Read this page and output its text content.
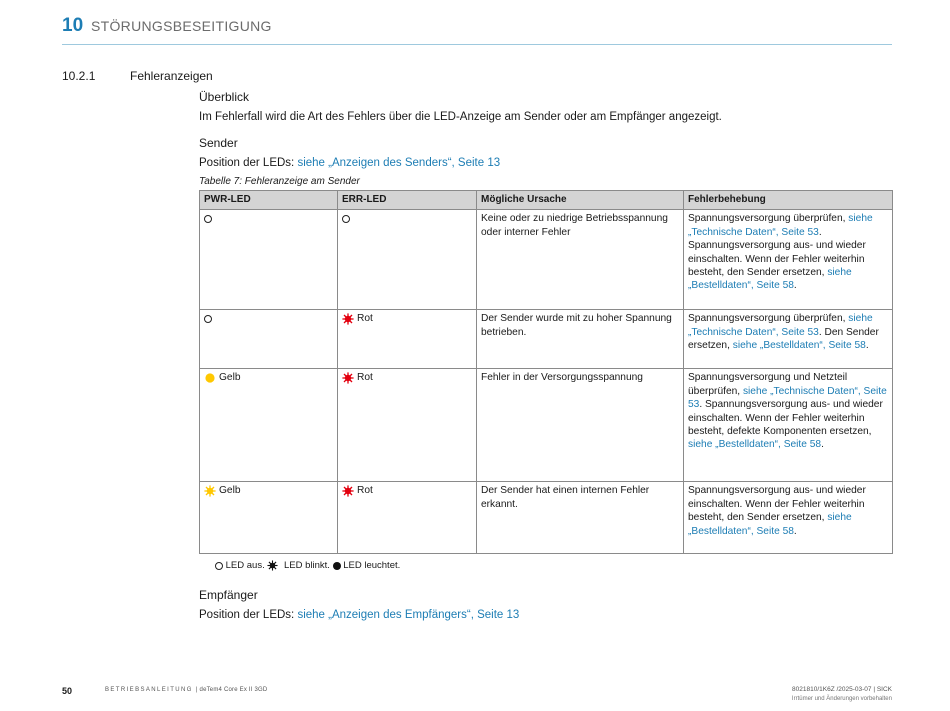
10 STÖRUNGSBESEITIGUNG
10.2.1	Fehleranzeigen

Überblick

Im Fehlerfall wird die Art des Fehlers über die LED-Anzeige am Sender oder am Empfänger angezeigt.

Sender

Position der LEDs: siehe „Anzeigen des Senders“, Seite 13

Tabelle 7: Fehleranzeige am Sender

PWR-LED	ERR-LED	Mögliche Ursache	Fehlerbehebung
		Keine oder zu niedrige Betriebsspannung oder interner Fehler	Spannungsversorgung überprüfen, siehe „Technische Daten“, Seite 53. Spannungsversorgung aus- und wieder einschalten. Wenn der Fehler weiterhin besteht, den Sender ersetzen, siehe „Bestelldaten“, Seite 58.
	Rot	Der Sender wurde mit zu hoher Spannung betrieben.	Spannungsversorgung überprüfen, siehe „Technische Daten“, Seite 53. Den Sender ersetzen, siehe „Bestelldaten“, Seite 58.
Gelb	Rot	Fehler in der Versorgungsspannung	Spannungsversorgung und Netzteil überprüfen, siehe „Technische Daten“, Seite 53. Spannungsversorgung aus- und wieder einschalten. Wenn der Fehler weiterhin besteht, defekte Komponenten ersetzen, siehe „Bestelldaten“, Seite 58.
Gelb	Rot	Der Sender hat einen internen Fehler erkannt.	Spannungsversorgung aus- und wieder einschalten. Wenn der Fehler weiterhin besteht, den Sender ersetzen, siehe „Bestelldaten“, Seite 58.
LED aus. LED blinkt. LED leuchtet.

Empfänger

Position der LEDs: siehe „Anzeigen des Empfängers“, Seite 13

50	BETRIEBSANLEITUNG | deTem4 Core Ex II 3GD	8021810/1K6Z /2025-03-07 | SICK
Irrtümer und Änderungen vorbehalten
